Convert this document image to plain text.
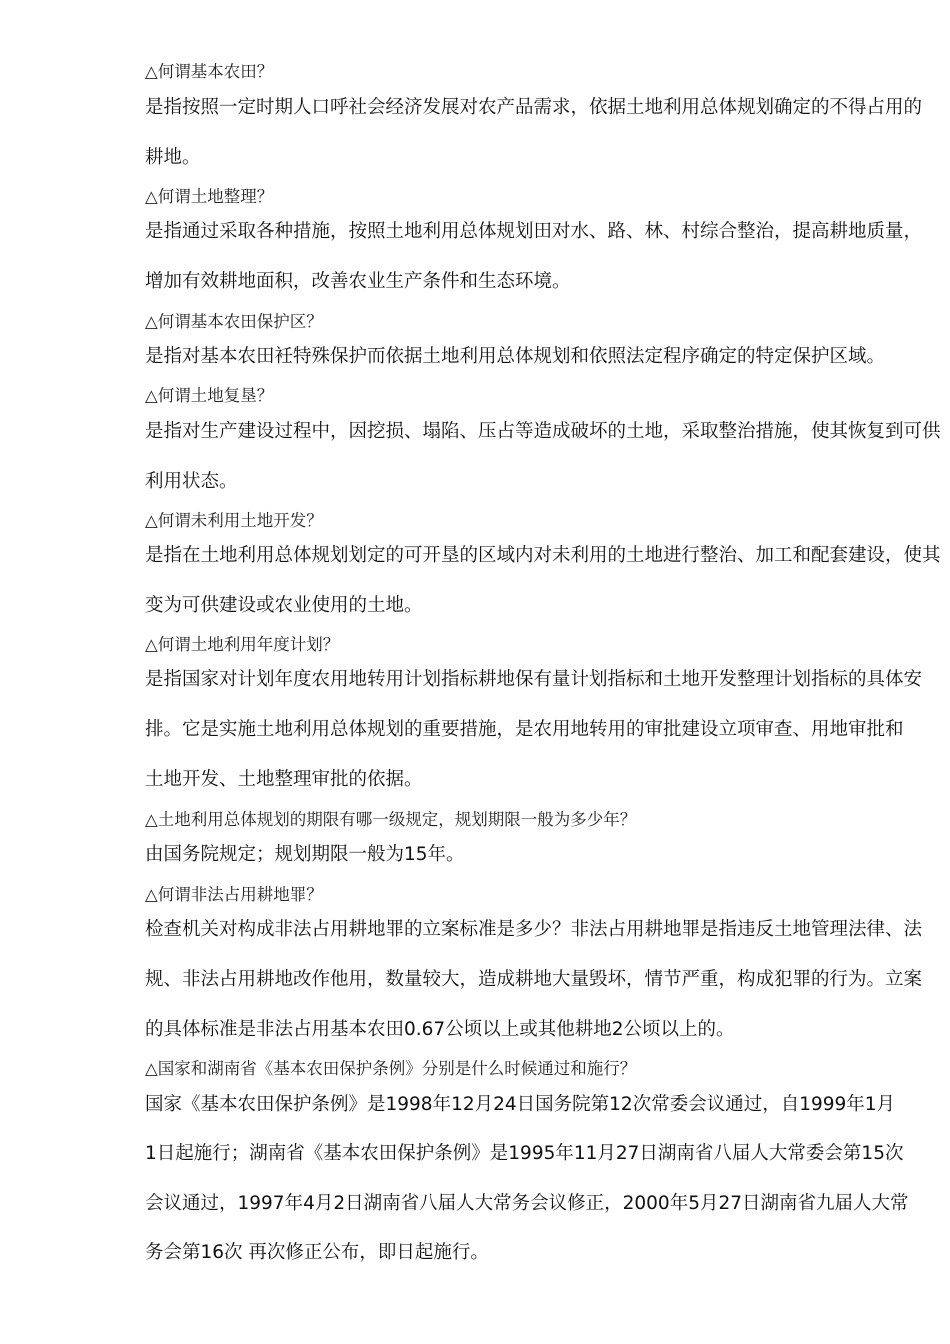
△何谓基本农田？
是指按照一定时期人口呼社会经济发展对农产品需求，依据土地利用总体规划确定的不得占用的
耕地。
△何谓土地整理？
是指通过采取各种措施，按照土地利用总体规划田对水、路、林、村综合整治，提高耕地质量，
增加有效耕地面积，改善农业生产条件和生态环境。
△何谓基本农田保护区？
是指对基本农田衽特殊保护而依据土地利用总体规划和依照法定程序确定的特定保护区域。
△何谓土地复垦？
是指对生产建设过程中，因挖损、塌陷、压占等造成破坏的土地，采取整治措施，使其恢复到可供
利用状态。
△何谓未利用土地开发？
是指在土地利用总体规划划定的可开垦的区域内对未利用的土地进行整治、加工和配套建设，使其
变为可供建设或农业使用的土地。
△何谓土地利用年度计划？
是指国家对计划年度农用地转用计划指标耕地保有量计划指标和土地开发整理计划指标的具体安
排。它是实施土地利用总体规划的重要措施，是农用地转用的审批建设立项审查、用地审批和
土地开发、土地整理审批的依据。
△土地利用总体规划的期限有哪一级规定，规划期限一般为多少年？
由国务院规定；规划期限一般为15年。
△何谓非法占用耕地罪？
检查机关对构成非法占用耕地罪的立案标准是多少？非法占用耕地罪是指违反土地管理法律、法
规、非法占用耕地改作他用，数量较大，造成耕地大量毁坏，情节严重，构成犯罪的行为。立案
的具体标准是非法占用基本农田0.67公顷以上或其他耕地2公顷以上的。
△国家和湖南省《基本农田保护条例》分别是什么时候通过和施行？
国家《基本农田保护条例》是1998年12月24日国务院第12次常委会议通过，自1999年1月
1日起施行；湖南省《基本农田保护条例》是1995年11月27日湖南省八届人大常委会第15次
会议通过，1997年4月2日湖南省八届人大常务会议修正，2000年5月27日湖南省九届人大常
务会第16次 再次修正公布，即日起施行。
